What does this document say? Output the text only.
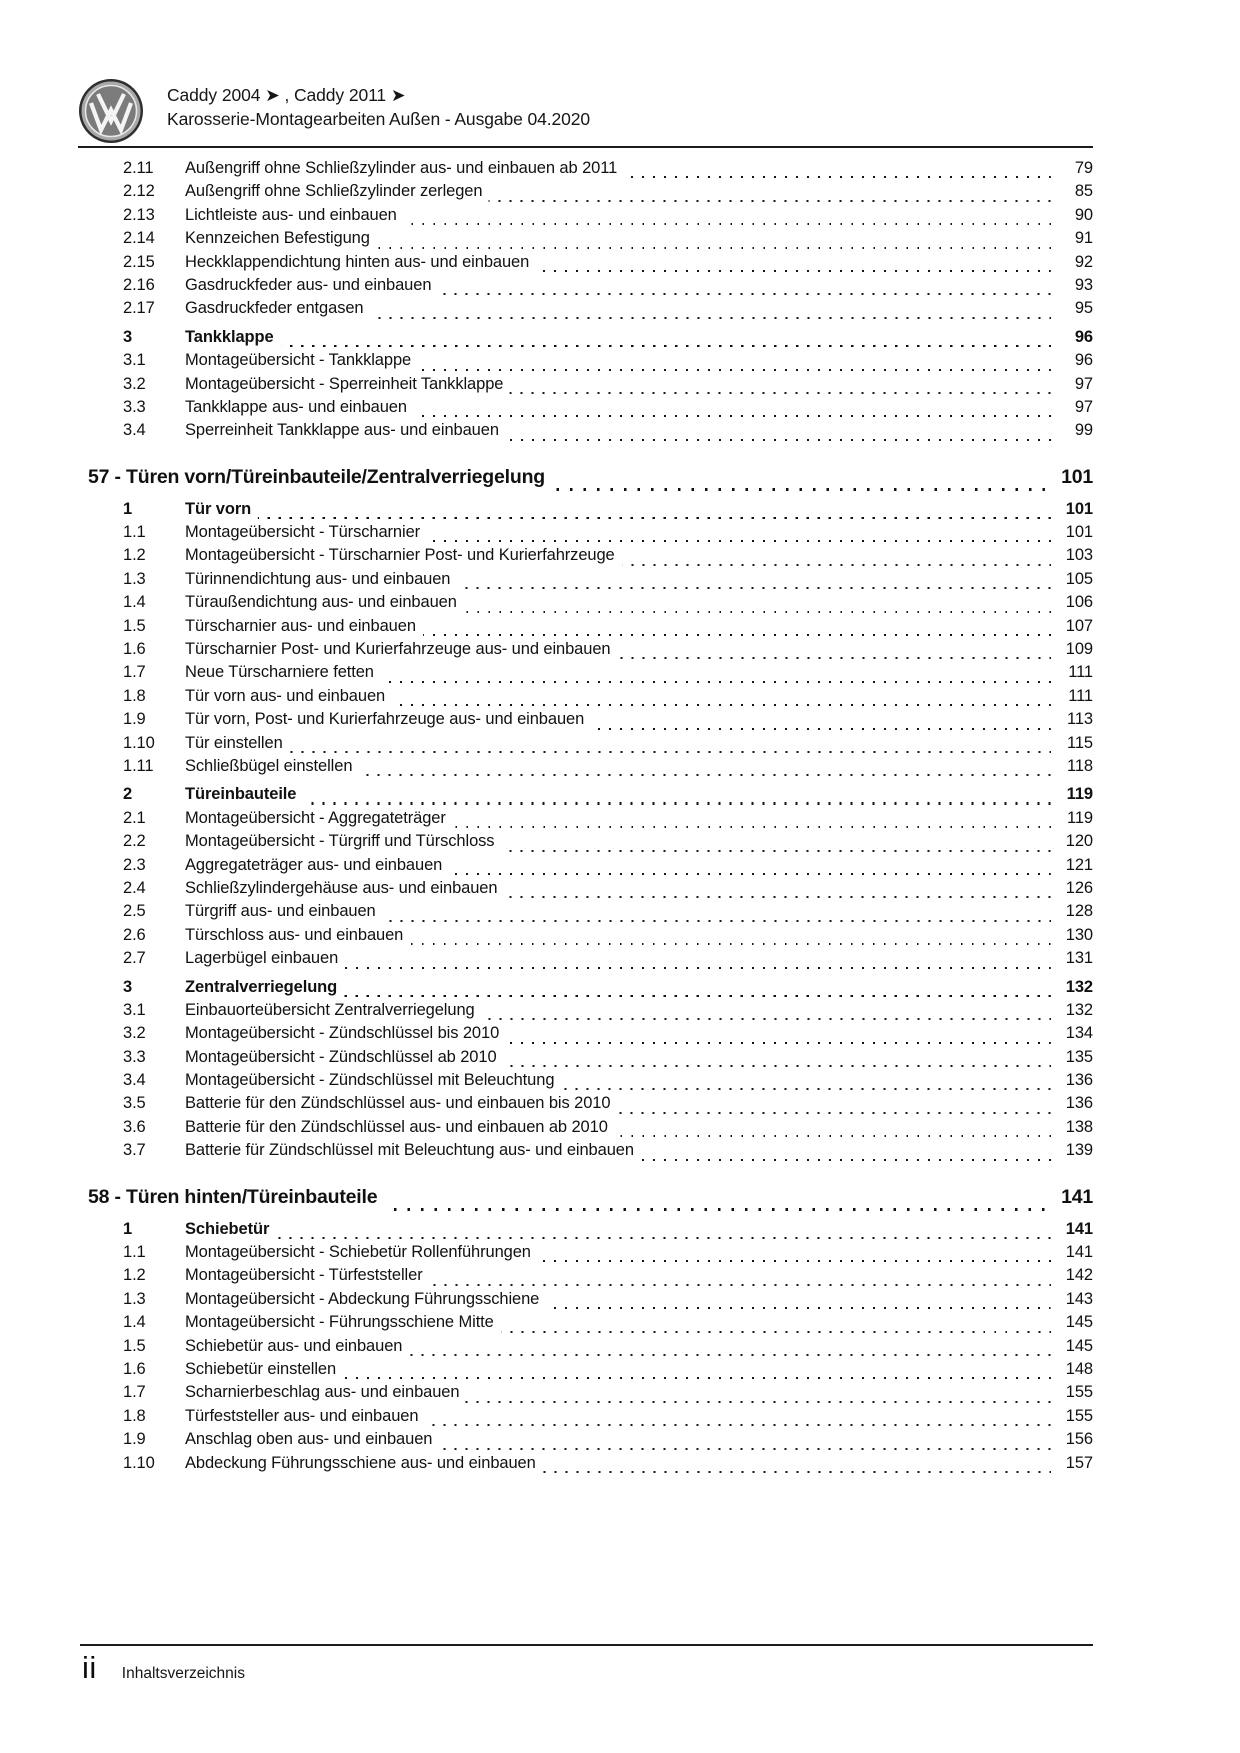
Caddy 2004 ➤ , Caddy 2011 ➤
Karosserie-Montagearbeiten Außen - Ausgabe 04.2020
2.11	Außengriff ohne Schließzylinder aus- und einbauen ab 2011	79
2.12	Außengriff ohne Schließzylinder zerlegen	85
2.13	Lichtleiste aus- und einbauen	90
2.14	Kennzeichen Befestigung	91
2.15	Heckklappendichtung hinten aus- und einbauen	92
2.16	Gasdruckfeder aus- und einbauen	93
2.17	Gasdruckfeder entgasen	95
3	Tankklappe	96
3.1	Montageübersicht - Tankklappe	96
3.2	Montageübersicht - Sperreinheit Tankklappe	97
3.3	Tankklappe aus- und einbauen	97
3.4	Sperreinheit Tankklappe aus- und einbauen	99
57 - Türen vorn/Türeinbauteile/Zentralverriegelung	101
1	Tür vorn	101
1.1	Montageübersicht - Türscharnier	101
1.2	Montageübersicht - Türscharnier Post- und Kurierfahrzeuge	103
1.3	Türinnendichtung aus- und einbauen	105
1.4	Türaußendichtung aus- und einbauen	106
1.5	Türscharnier aus- und einbauen	107
1.6	Türscharnier Post- und Kurierfahrzeuge aus- und einbauen	109
1.7	Neue Türscharniere fetten	111
1.8	Tür vorn aus- und einbauen	111
1.9	Tür vorn, Post- und Kurierfahrzeuge aus- und einbauen	113
1.10	Tür einstellen	115
1.11	Schließbügel einstellen	118
2	Türeinbauteile	119
2.1	Montageübersicht - Aggregateträger	119
2.2	Montageübersicht - Türgriff und Türschloss	120
2.3	Aggregateträger aus- und einbauen	121
2.4	Schließzylindergehäuse aus- und einbauen	126
2.5	Türgriff aus- und einbauen	128
2.6	Türschloss aus- und einbauen	130
2.7	Lagerbügel einbauen	131
3	Zentralverriegelung	132
3.1	Einbauorteübersicht Zentralverriegelung	132
3.2	Montageübersicht - Zündschlüssel bis 2010	134
3.3	Montageübersicht - Zündschlüssel ab 2010	135
3.4	Montageübersicht - Zündschlüssel mit Beleuchtung	136
3.5	Batterie für den Zündschlüssel aus- und einbauen bis 2010	136
3.6	Batterie für den Zündschlüssel aus- und einbauen ab 2010	138
3.7	Batterie für Zündschlüssel mit Beleuchtung aus- und einbauen	139
58 - Türen hinten/Türeinbauteile	141
1	Schiebetür	141
1.1	Montageübersicht - Schiebetür Rollenführungen	141
1.2	Montageübersicht - Türfeststeller	142
1.3	Montageübersicht - Abdeckung Führungsschiene	143
1.4	Montageübersicht - Führungsschiene Mitte	145
1.5	Schiebetür aus- und einbauen	145
1.6	Schiebetür einstellen	148
1.7	Scharnierbeschlag aus- und einbauen	155
1.8	Türfeststeller aus- und einbauen	155
1.9	Anschlag oben aus- und einbauen	156
1.10	Abdeckung Führungsschiene aus- und einbauen	157
ii Inhaltsverzeichnis
